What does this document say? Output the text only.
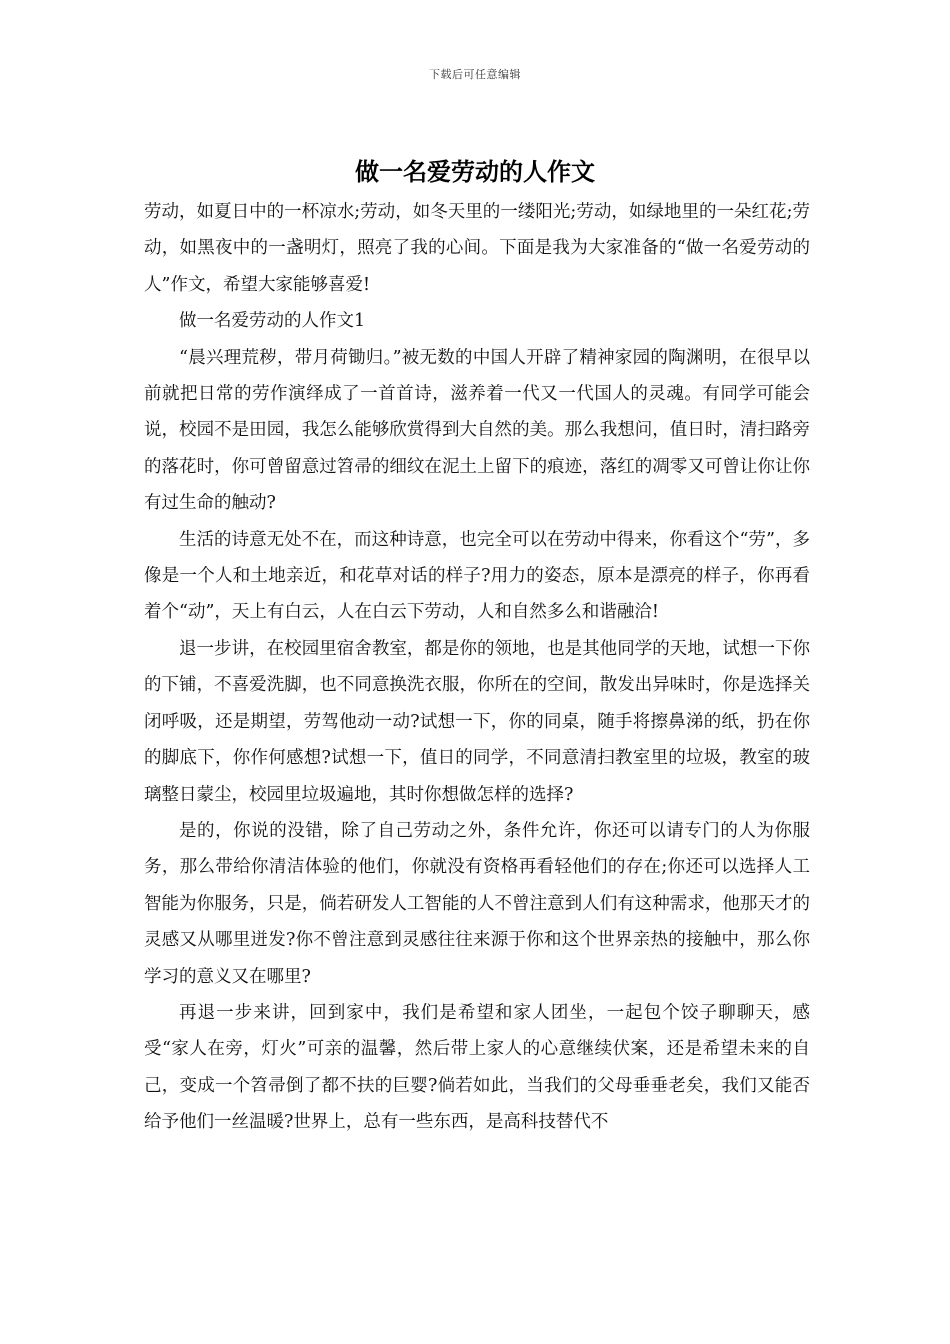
下载后可任意编辑
做一名爱劳动的人作文

劳动，如夏日中的一杯凉水;劳动，如冬天里的一缕阳光;劳动，如绿地里的一朵红花;劳动，如黑夜中的一盏明灯，照亮了我的心间。下面是我为大家准备的“做一名爱劳动的人”作文，希望大家能够喜爱!

做一名爱劳动的人作文1

“晨兴理荒秽，带月荷锄归。”被无数的中国人开辟了精神家园的陶渊明，在很早以前就把日常的劳作演绎成了一首首诗，滋养着一代又一代国人的灵魂。有同学可能会说，校园不是田园，我怎么能够欣赏得到大自然的美。那么我想问，值日时，清扫路旁的落花时，你可曾留意过笤帚的细纹在泥土上留下的痕迹，落红的凋零又可曾让你让你有过生命的触动?

生活的诗意无处不在，而这种诗意，也完全可以在劳动中得来，你看这个“劳”，多像是一个人和土地亲近，和花草对话的样子?用力的姿态，原本是漂亮的样子，你再看着个“动”，天上有白云，人在白云下劳动，人和自然多么和谐融洽!

退一步讲，在校园里宿舍教室，都是你的领地，也是其他同学的天地，试想一下你的下铺，不喜爱洗脚，也不同意换洗衣服，你所在的空间，散发出异味时，你是选择关闭呼吸，还是期望，劳驾他动一动?试想一下，你的同桌，随手将擦鼻涕的纸，扔在你的脚底下，你作何感想?试想一下，值日的同学，不同意清扫教室里的垃圾，教室的玻璃整日蒙尘，校园里垃圾遍地，其时你想做怎样的选择?

是的，你说的没错，除了自己劳动之外，条件允许，你还可以请专门的人为你服务，那么带给你清洁体验的他们，你就没有资格再看轻他们的存在;你还可以选择人工智能为你服务，只是，倘若研发人工智能的人不曾注意到人们有这种需求，他那天才的灵感又从哪里迸发?你不曾注意到灵感往往来源于你和这个世界亲热的接触中，那么你学习的意义又在哪里?

再退一步来讲，回到家中，我们是希望和家人团坐，一起包个饺子聊聊天，感受“家人在旁，灯火”可亲的温馨，然后带上家人的心意继续伏案，还是希望未来的自己，变成一个笤帚倒了都不扶的巨婴?倘若如此，当我们的父母垂垂老矣，我们又能否给予他们一丝温暖?世界上，总有一些东西，是高科技替代不
